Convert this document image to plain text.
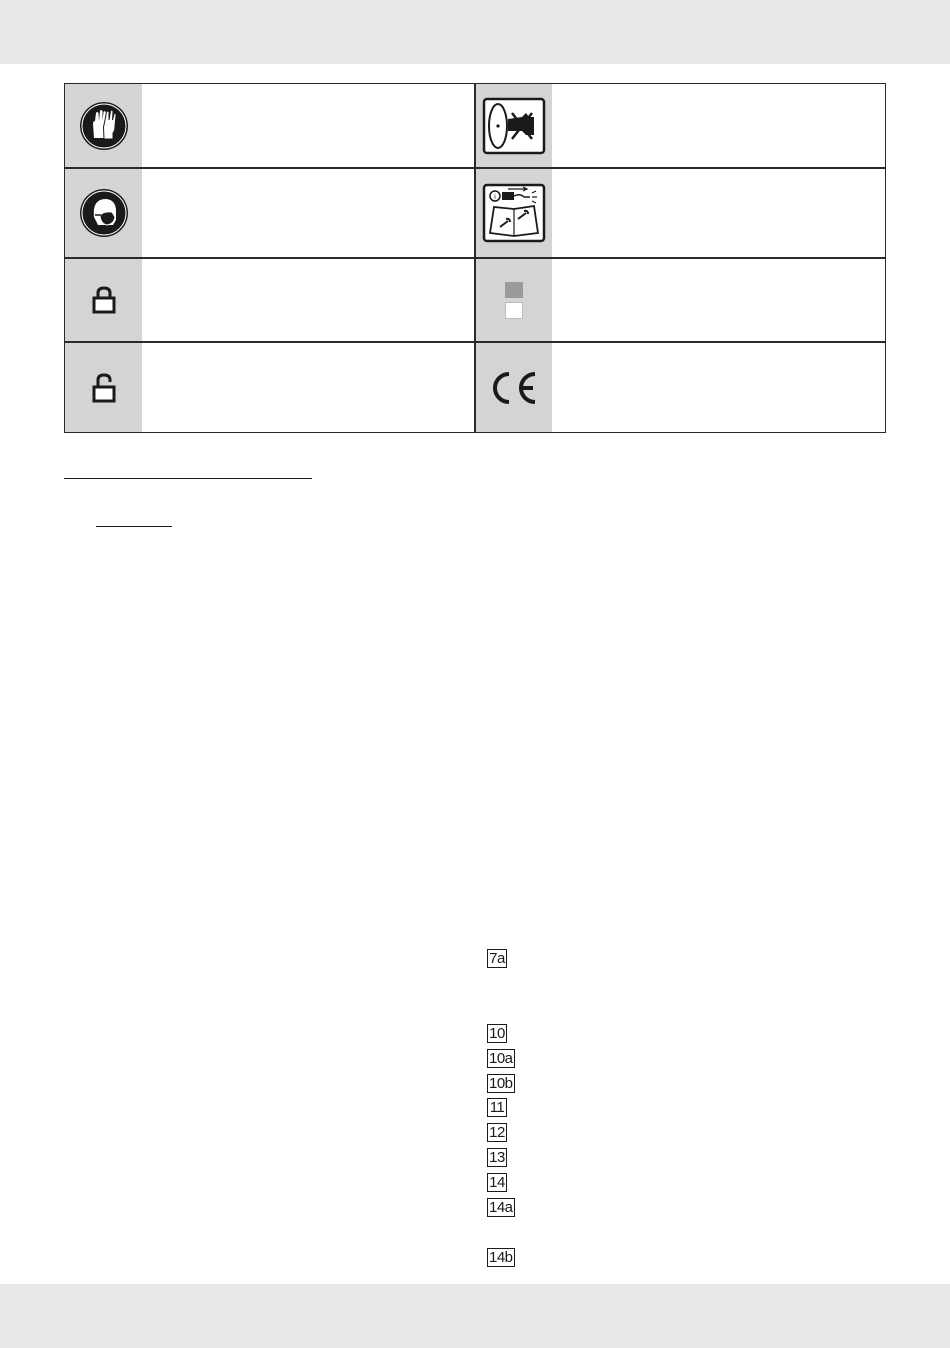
i
7a
10
10a
10b
11
12
13
14
14a
14b
